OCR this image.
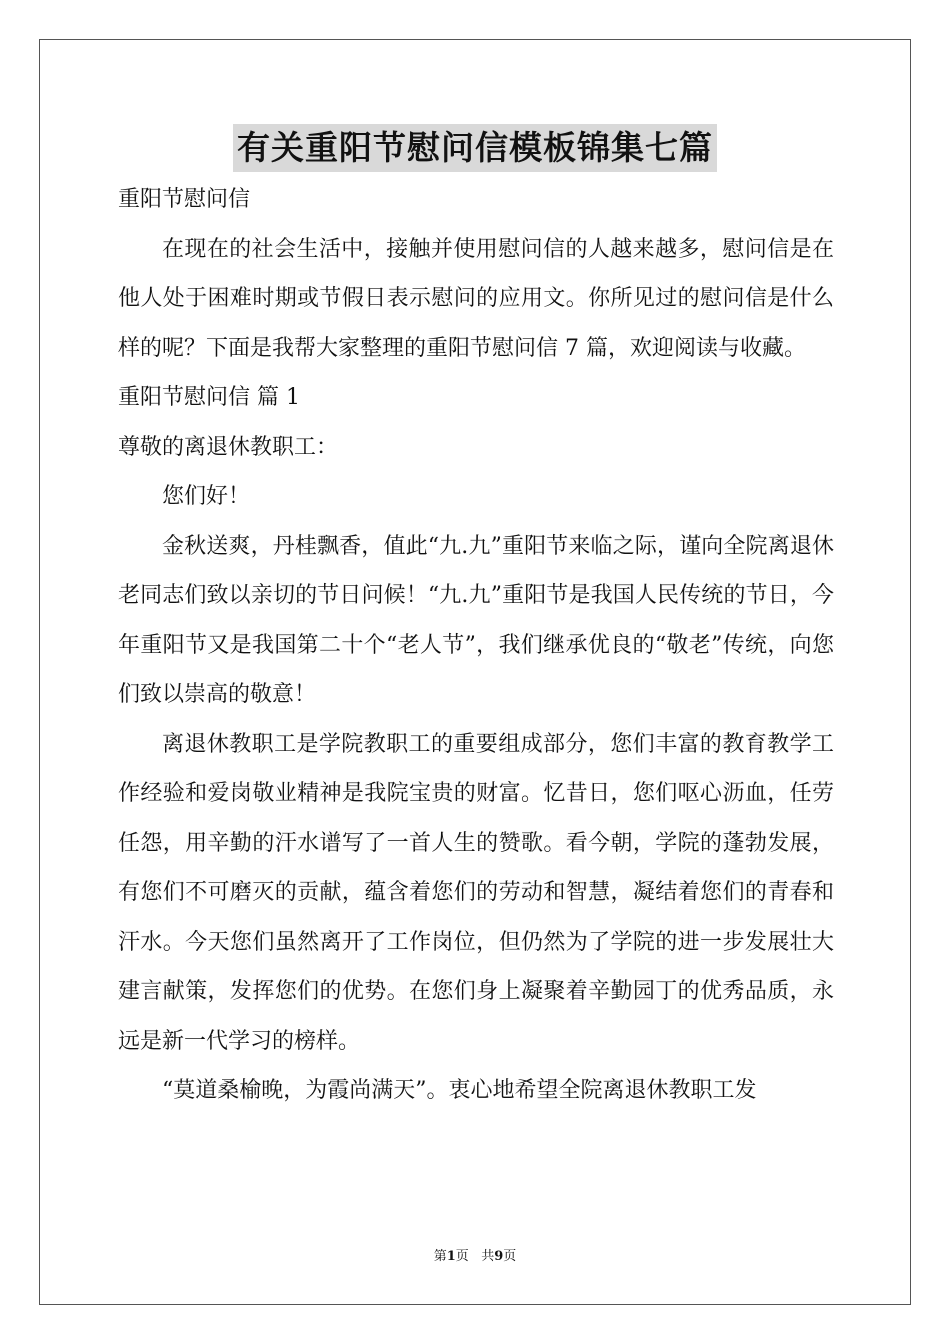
有关重阳节慰问信模板锦集七篇

重阳节慰问信

在现在的社会生活中，接触并使用慰问信的人越来越多，慰问信是在他人处于困难时期或节假日表示慰问的应用文。你所见过的慰问信是什么样的呢？下面是我帮大家整理的重阳节慰问信 7 篇，欢迎阅读与收藏。

重阳节慰问信 篇 1

尊敬的离退休教职工：

您们好！

金秋送爽，丹桂飘香，值此“九.九”重阳节来临之际，谨向全院离退休老同志们致以亲切的节日问候！“九.九”重阳节是我国人民传统的节日，今年重阳节又是我国第二十个“老人节”，我们继承优良的“敬老”传统，向您们致以崇高的敬意！

离退休教职工是学院教职工的重要组成部分，您们丰富的教育教学工作经验和爱岗敬业精神是我院宝贵的财富。忆昔日，您们呕心沥血，任劳任怨，用辛勤的汗水谱写了一首人生的赞歌。看今朝，学院的蓬勃发展，有您们不可磨灭的贡献，蕴含着您们的劳动和智慧，凝结着您们的青春和汗水。今天您们虽然离开了工作岗位，但仍然为了学院的进一步发展壮大建言献策，发挥您们的优势。在您们身上凝聚着辛勤园丁的优秀品质，永远是新一代学习的榜样。

“莫道桑榆晚，为霞尚满天”。衷心地希望全院离退休教职工发

第1页 共9页
